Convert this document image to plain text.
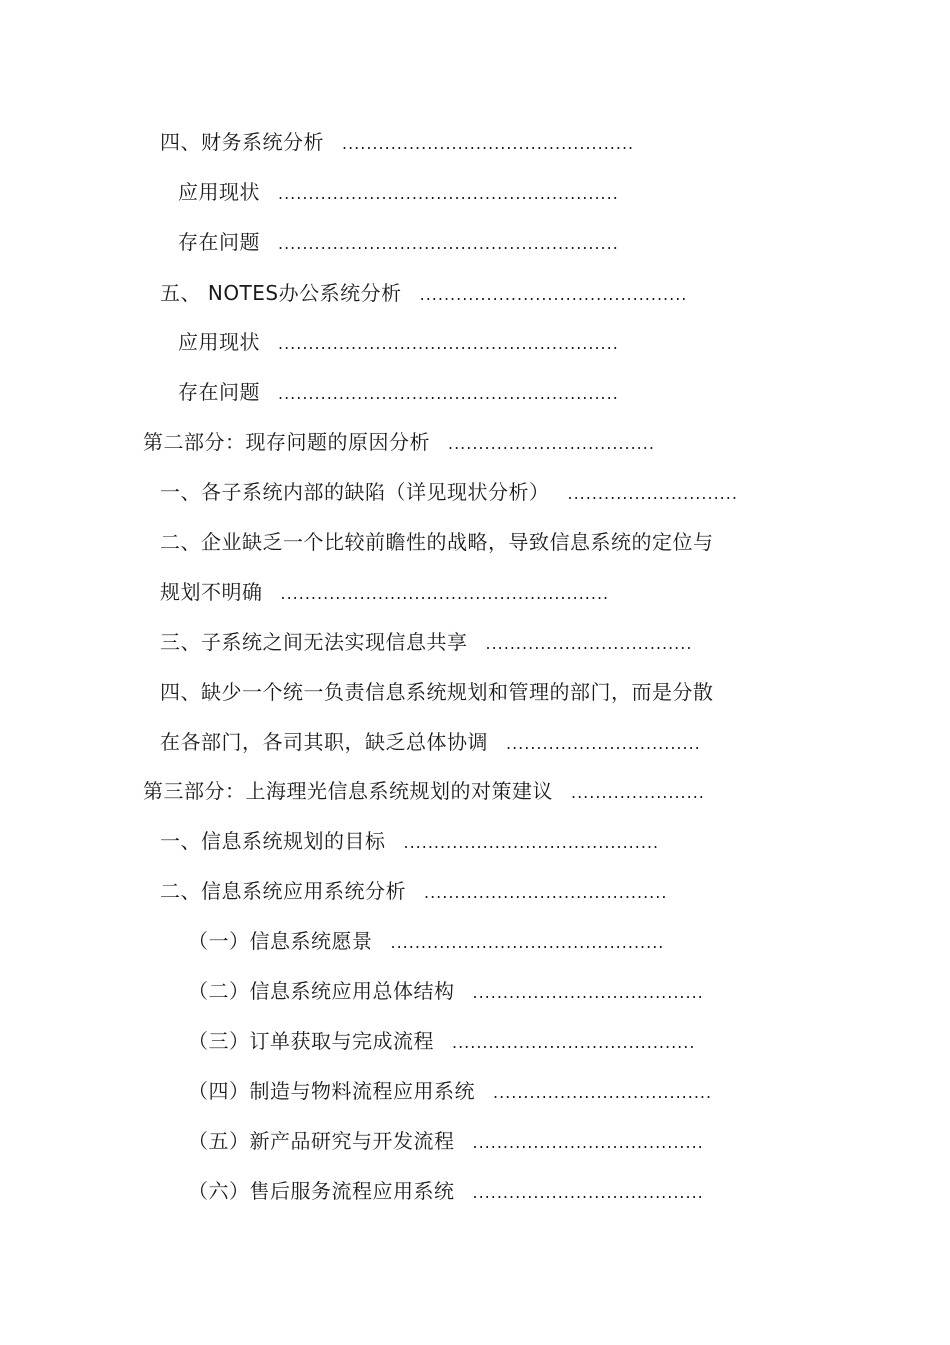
四、财务系统分析 ................................................
应用现状 ........................................................
存在问题 ........................................................
五、 NOTES办公系统分析 ............................................
应用现状 ........................................................
存在问题 ........................................................
第二部分：现存问题的原因分析 ..................................
一、各子系统内部的缺陷（详见现状分析） ............................
二、企业缺乏一个比较前瞻性的战略，导致信息系统的定位与
规划不明确 ......................................................
三、子系统之间无法实现信息共享 ..................................
四、缺少一个统一负责信息系统规划和管理的部门，而是分散
在各部门，各司其职，缺乏总体协调 ................................
第三部分：上海理光信息系统规划的对策建议 ......................
一、信息系统规划的目标 ..........................................
二、信息系统应用系统分析 ........................................
（一）信息系统愿景 .............................................
（二）信息系统应用总体结构 ......................................
（三）订单获取与完成流程 ........................................
（四）制造与物料流程应用系统 ....................................
（五）新产品研究与开发流程 ......................................
（六）售后服务流程应用系统 ......................................
